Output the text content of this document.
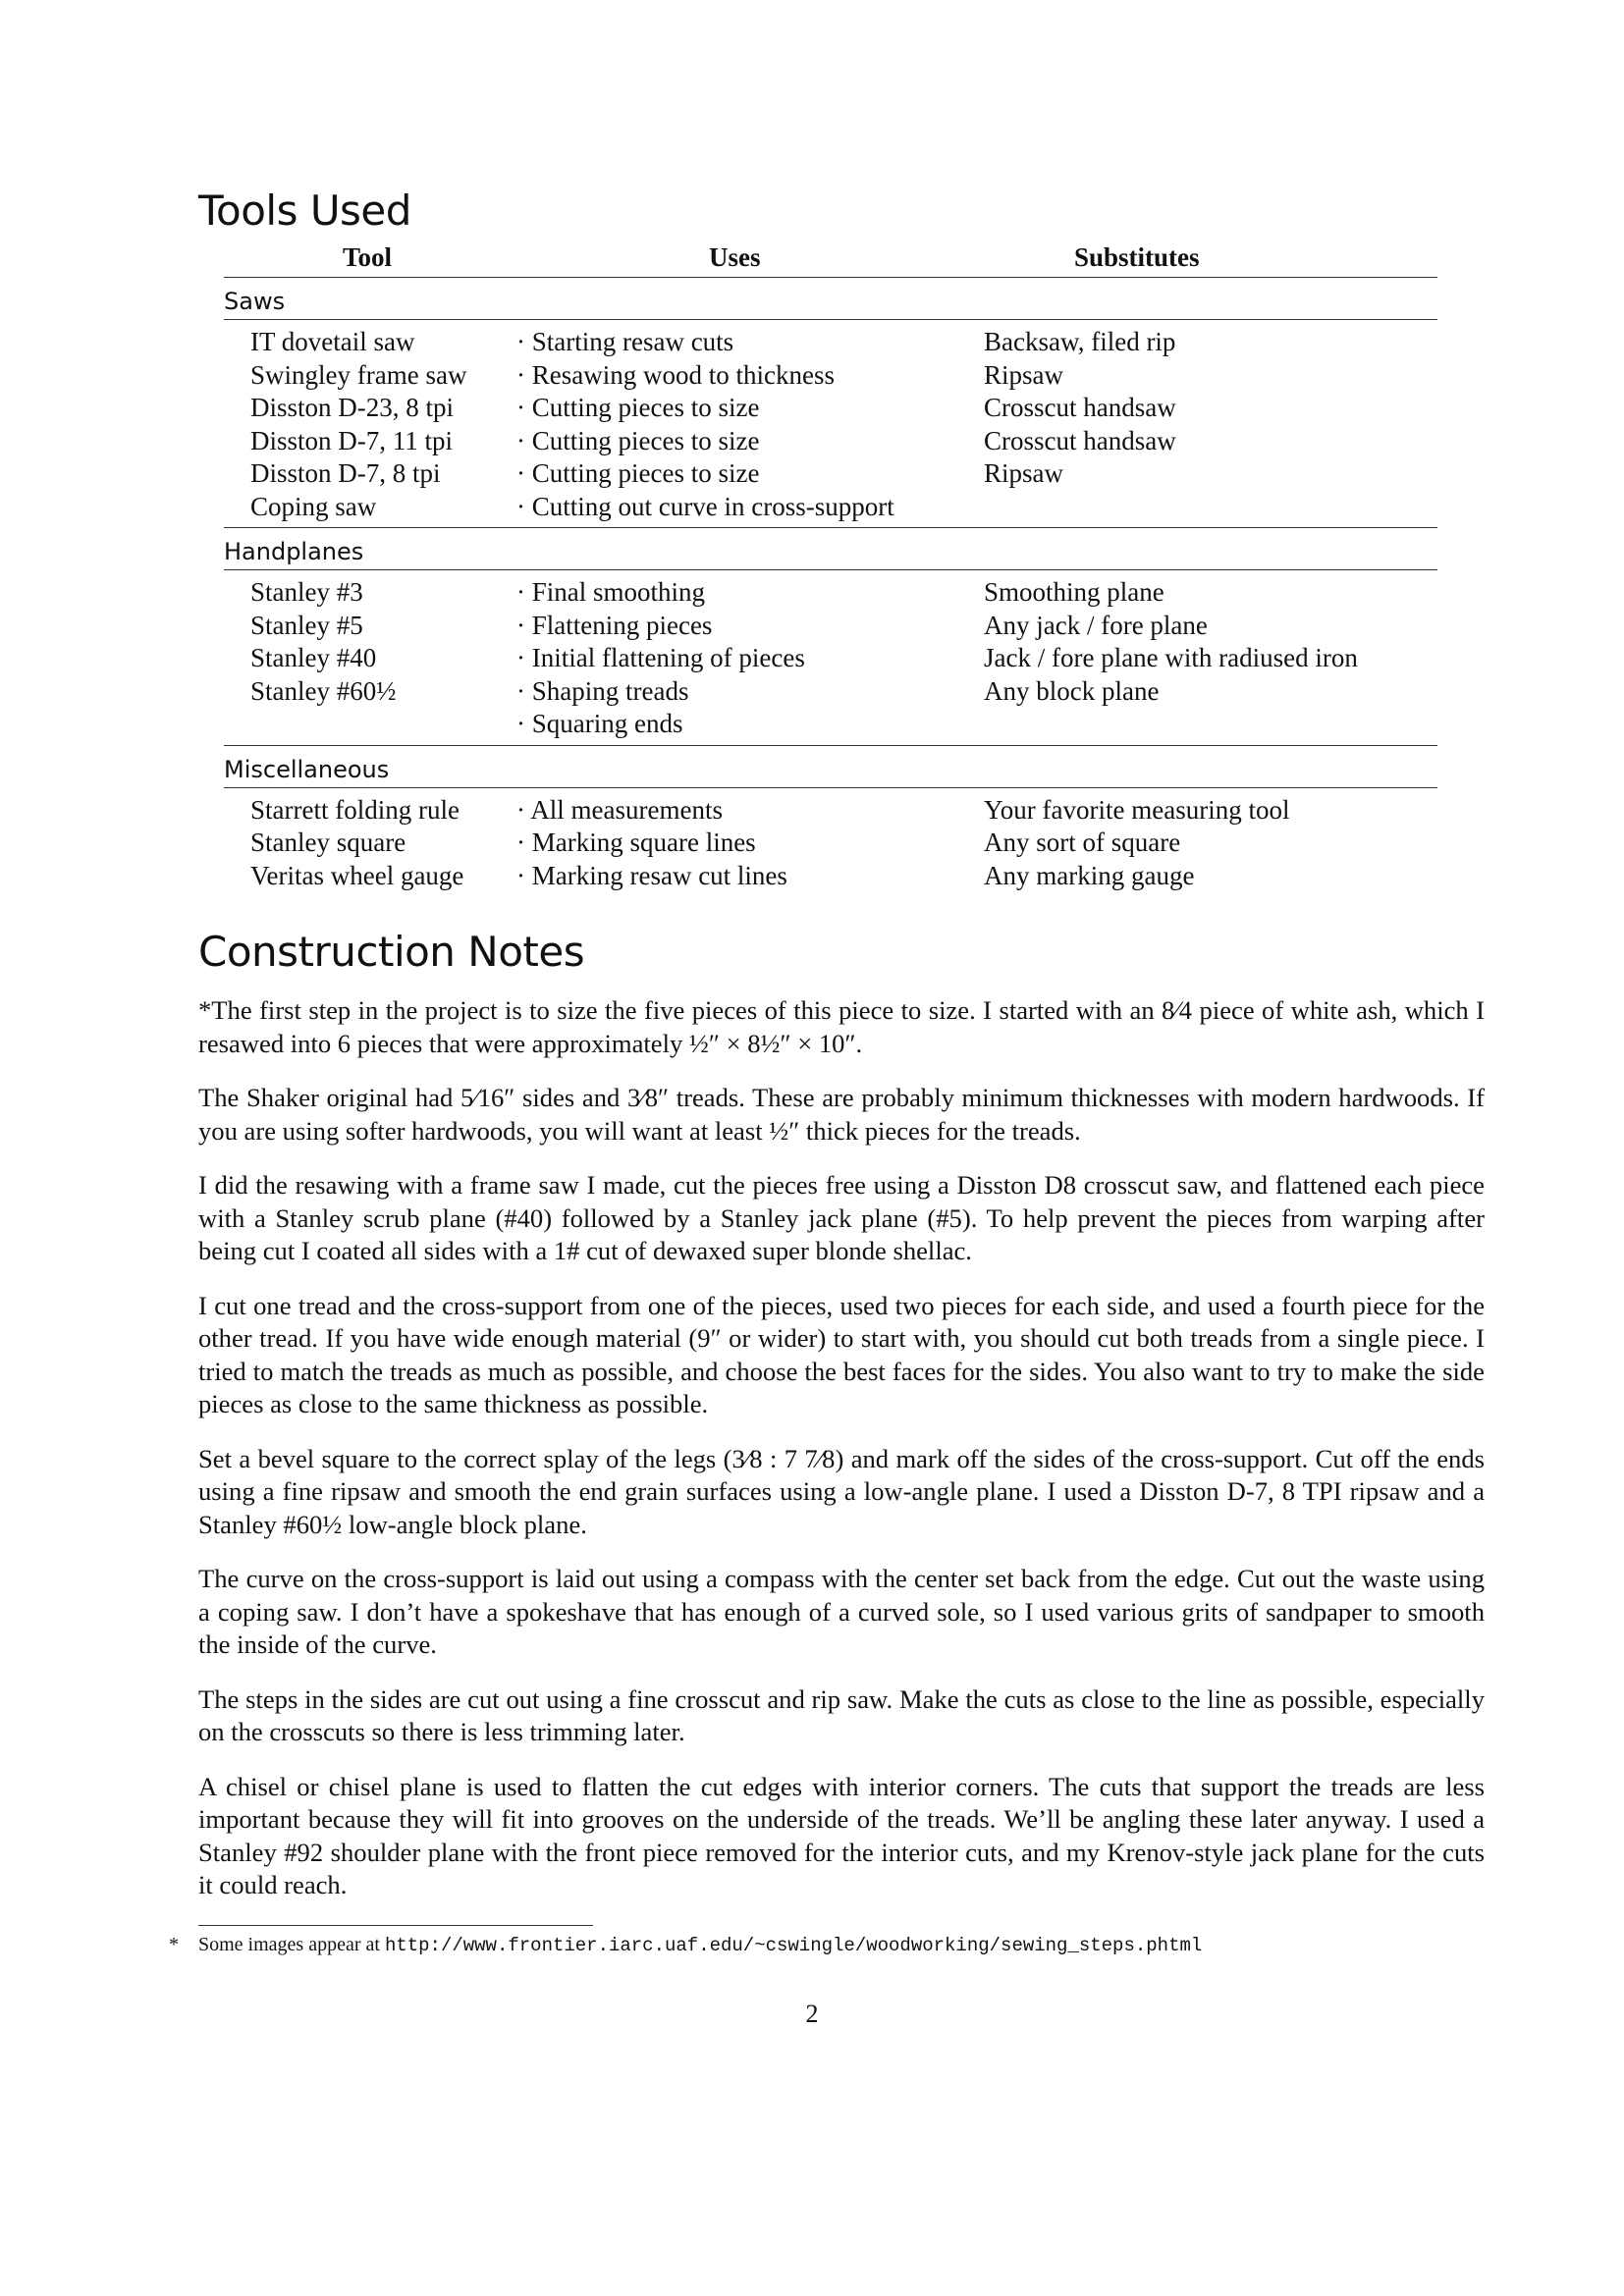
Tools Used
Tool	Uses	Substitutes
Saws
IT dovetail saw	· Starting resaw cuts	Backsaw, filed rip
Swingley frame saw · Resawing wood to thickness	Ripsaw
Disston D-23, 8 tpi · Cutting pieces to size	Crosscut handsaw
Disston D-7, 11 tpi · Cutting pieces to size	Crosscut handsaw
Disston D-7, 8 tpi	· Cutting pieces to size	Ripsaw
Coping saw	· Cutting out curve in cross-support
Handplanes
Stanley #3	· Final smoothing	Smoothing plane
Stanley #5	· Flattening pieces	Any jack / fore plane
Stanley #40	· Initial flattening of pieces	Jack / fore plane with radiused iron
Stanley #60½	· Shaping treads	Any block plane
· Squaring ends
Miscellaneous
Starrett folding rule · All measurements	Your favorite measuring tool
Stanley square	· Marking square lines	Any sort of square
Veritas wheel gauge · Marking resaw cut lines	Any marking gauge
Construction Notes

*The first step in the project is to size the five pieces of this piece to size. I started with an 8⁄4 piece of white ash, which I resawed into 6 pieces that were approximately ½″ × 8½″ × 10″.

The Shaker original had 5⁄16″ sides and 3⁄8″ treads. These are probably minimum thicknesses with modern hardwoods. If you are using softer hardwoods, you will want at least ½″ thick pieces for the treads.

I did the resawing with a frame saw I made, cut the pieces free using a Disston D8 crosscut saw, and flattened each piece with a Stanley scrub plane (#40) followed by a Stanley jack plane (#5). To help prevent the pieces from warping after being cut I coated all sides with a 1# cut of dewaxed super blonde shellac.

I cut one tread and the cross-support from one of the pieces, used two pieces for each side, and used a fourth piece for the other tread. If you have wide enough material (9″ or wider) to start with, you should cut both treads from a single piece. I tried to match the treads as much as possible, and choose the best faces for the sides. You also want to try to make the side pieces as close to the same thickness as possible.

Set a bevel square to the correct splay of the legs (3⁄8 : 7 7⁄8) and mark off the sides of the cross-support. Cut off the ends using a fine ripsaw and smooth the end grain surfaces using a low-angle plane. I used a Disston D-7, 8 TPI ripsaw and a Stanley #60½ low-angle block plane.

The curve on the cross-support is laid out using a compass with the center set back from the edge. Cut out the waste using a coping saw. I don’t have a spokeshave that has enough of a curved sole, so I used various grits of sandpaper to smooth the inside of the curve.

The steps in the sides are cut out using a fine crosscut and rip saw. Make the cuts as close to the line as possible, especially on the crosscuts so there is less trimming later.

A chisel or chisel plane is used to flatten the cut edges with interior corners. The cuts that support the treads are less important because they will fit into grooves on the underside of the treads. We’ll be angling these later anyway. I used a Stanley #92 shoulder plane with the front piece removed for the interior cuts, and my Krenov-style jack plane for the cuts it could reach.

* Some images appear at http://www.frontier.iarc.uaf.edu/~cswingle/woodworking/sewing_steps.phtml
2
